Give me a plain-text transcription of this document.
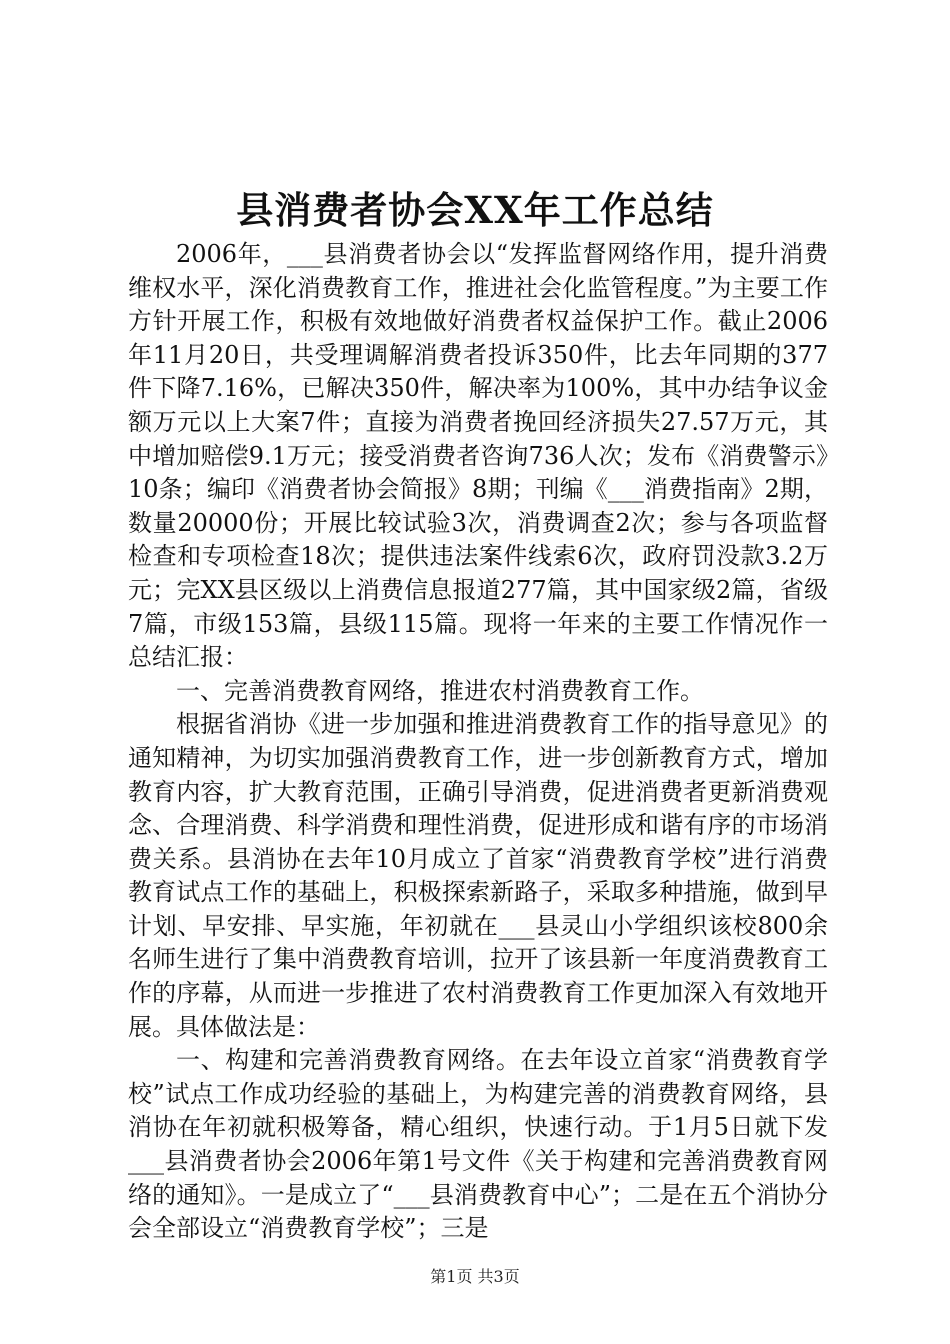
县消费者协会XX年工作总结

2006年，___县消费者协会以“发挥监督网络作用，提升消费维权水平，深化消费教育工作，推进社会化监管程度。”为主要工作方针开展工作，积极有效地做好消费者权益保护工作。截止2006年11月20日，共受理调解消费者投诉350件，比去年同期的377件下降7.16%，已解决350件，解决率为100%，其中办结争议金额万元以上大案7件；直接为消费者挽回经济损失27.57万元，其中增加赔偿9.1万元；接受消费者咨询736人次；发布《消费警示》10条；编印《消费者协会简报》8期；刊编《___消费指南》2期，数量20000份；开展比较试验3次，消费调查2次；参与各项监督检查和专项检查18次；提供违法案件线索6次，政府罚没款3.2万元；完XX县区级以上消费信息报道277篇，其中国家级2篇，省级7篇，市级153篇，县级115篇。现将一年来的主要工作情况作一总结汇报：

一、完善消费教育网络，推进农村消费教育工作。

根据省消协《进一步加强和推进消费教育工作的指导意见》的通知精神，为切实加强消费教育工作，进一步创新教育方式，增加教育内容，扩大教育范围，正确引导消费，促进消费者更新消费观念、合理消费、科学消费和理性消费，促进形成和谐有序的市场消费关系。县消协在去年10月成立了首家“消费教育学校”进行消费教育试点工作的基础上，积极探索新路子，采取多种措施，做到早计划、早安排、早实施，年初就在___县灵山小学组织该校800余名师生进行了集中消费教育培训，拉开了该县新一年度消费教育工作的序幕，从而进一步推进了农村消费教育工作更加深入有效地开展。具体做法是：

一、构建和完善消费教育网络。在去年设立首家“消费教育学校”试点工作成功经验的基础上，为构建完善的消费教育网络，县消协在年初就积极筹备，精心组织，快速行动。于1月5日就下发___县消费者协会2006年第1号文件《关于构建和完善消费教育网络的通知》。一是成立了“___县消费教育中心”；二是在五个消协分会全部设立“消费教育学校”；三是

第1页 共3页
